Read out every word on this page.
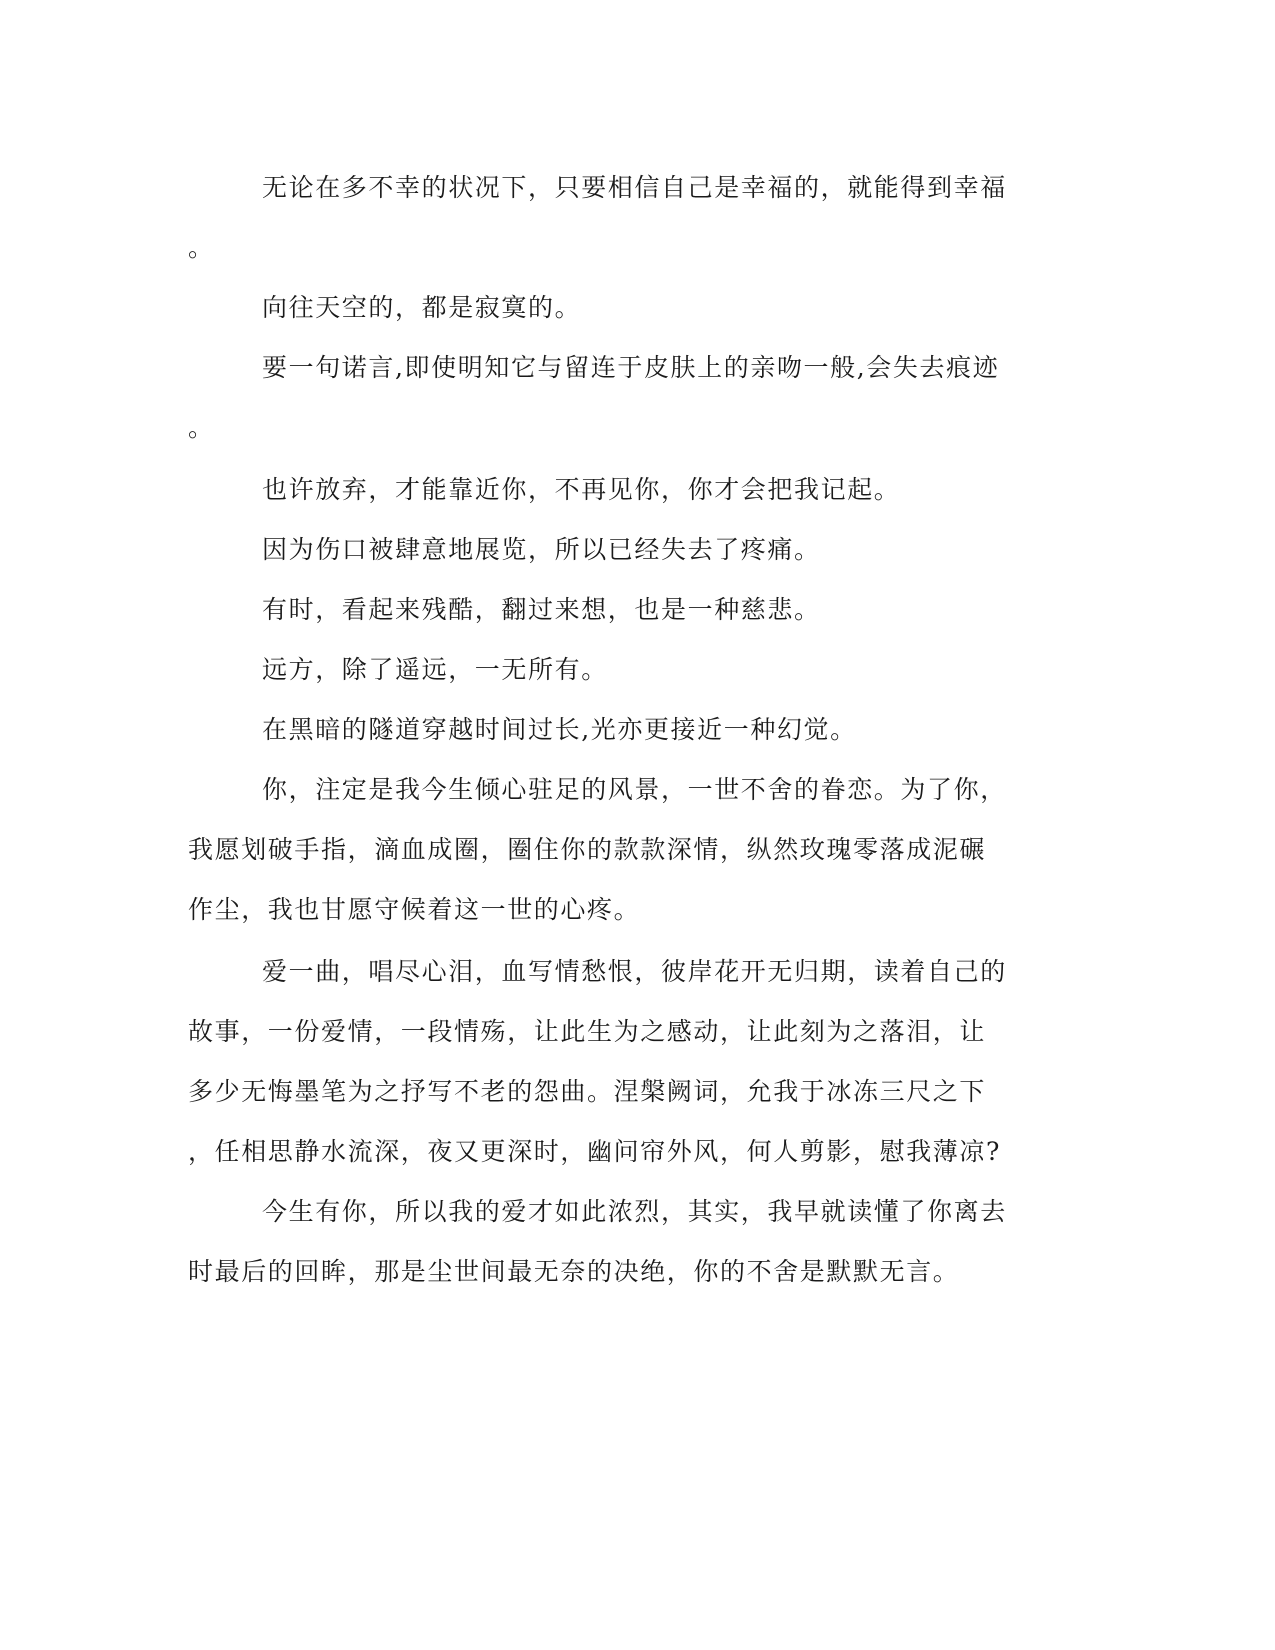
无论在多不幸的状况下，只要相信自己是幸福的，就能得到幸福
。
向往天空的，都是寂寞的。
要一句诺言,即使明知它与留连于皮肤上的亲吻一般,会失去痕迹
。
也许放弃，才能靠近你，不再见你，你才会把我记起。
因为伤口被肆意地展览，所以已经失去了疼痛。
有时，看起来残酷，翻过来想，也是一种慈悲。
远方，除了遥远，一无所有。
在黑暗的隧道穿越时间过长,光亦更接近一种幻觉。
你，注定是我今生倾心驻足的风景，一世不舍的眷恋。为了你，
我愿划破手指，滴血成圈，圈住你的款款深情，纵然玫瑰零落成泥碾
作尘，我也甘愿守候着这一世的心疼。
爱一曲，唱尽心泪，血写情愁恨，彼岸花开无归期，读着自己的
故事，一份爱情，一段情殇，让此生为之感动，让此刻为之落泪，让
多少无悔墨笔为之抒写不老的怨曲。涅槃阙词，允我于冰冻三尺之下
，任相思静水流深，夜又更深时，幽问帘外风，何人剪影，慰我薄凉?
今生有你，所以我的爱才如此浓烈，其实，我早就读懂了你离去
时最后的回眸，那是尘世间最无奈的决绝，你的不舍是默默无言。
